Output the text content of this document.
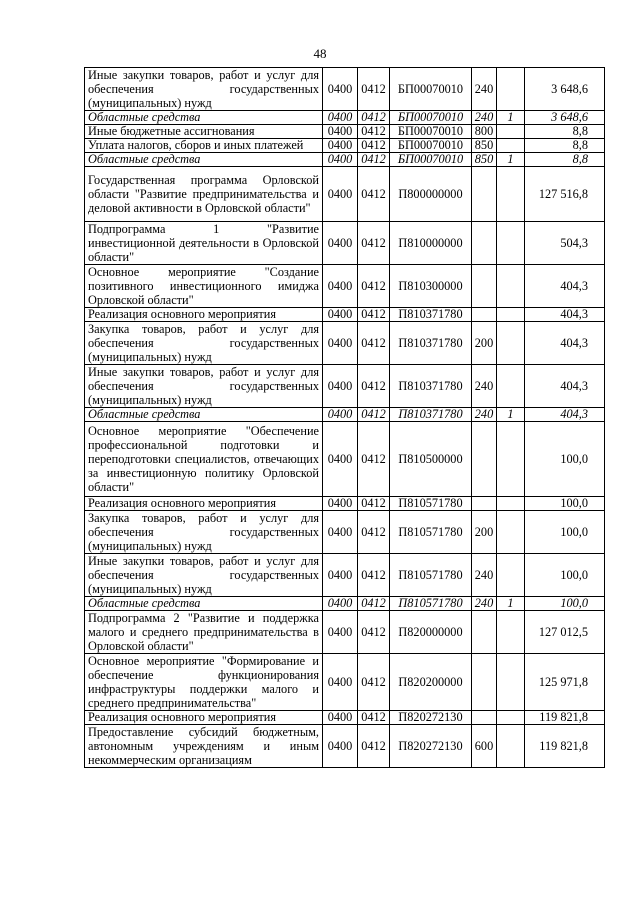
48
Иные закупки товаров, работ и услуг для обеспечения государственных (муниципальных) нужд	0400	0412	БП00070010	240		3 648,6
Областные средства	0400	0412	БП00070010	240	1	3 648,6
Иные бюджетные ассигнования	0400	0412	БП00070010	800		8,8
Уплата налогов, сборов и иных платежей	0400	0412	БП00070010	850		8,8
Областные средства	0400	0412	БП00070010	850	1	8,8
Государственная программа Орловской области "Развитие предпринимательства и деловой активности в Орловской области"	0400	0412	П800000000			127 516,8
Подпрограмма 1 "Развитие инвестиционной деятельности в Орловской области"	0400	0412	П810000000			504,3
Основное мероприятие "Создание позитивного инвестиционного имиджа Орловской области"	0400	0412	П810300000			404,3
Реализация основного мероприятия	0400	0412	П810371780			404,3
Закупка товаров, работ и услуг для обеспечения государственных (муниципальных) нужд	0400	0412	П810371780	200		404,3
Иные закупки товаров, работ и услуг для обеспечения государственных (муниципальных) нужд	0400	0412	П810371780	240		404,3
Областные средства	0400	0412	П810371780	240	1	404,3
Основное мероприятие "Обеспечение профессиональной подготовки и переподготовки специалистов, отвечающих за инвестиционную политику Орловской области"	0400	0412	П810500000			100,0
Реализация основного мероприятия	0400	0412	П810571780			100,0
Закупка товаров, работ и услуг для обеспечения государственных (муниципальных) нужд	0400	0412	П810571780	200		100,0
Иные закупки товаров, работ и услуг для обеспечения государственных (муниципальных) нужд	0400	0412	П810571780	240		100,0
Областные средства	0400	0412	П810571780	240	1	100,0
Подпрограмма 2 "Развитие и поддержка малого и среднего предпринимательства в Орловской области"	0400	0412	П820000000			127 012,5
Основное мероприятие "Формирование и обеспечение функционирования инфраструктуры поддержки малого и среднего предпринимательства"	0400	0412	П820200000			125 971,8
Реализация основного мероприятия	0400	0412	П820272130			119 821,8
Предоставление субсидий бюджетным, автономным учреждениям и иным некоммерческим организациям	0400	0412	П820272130	600		119 821,8
